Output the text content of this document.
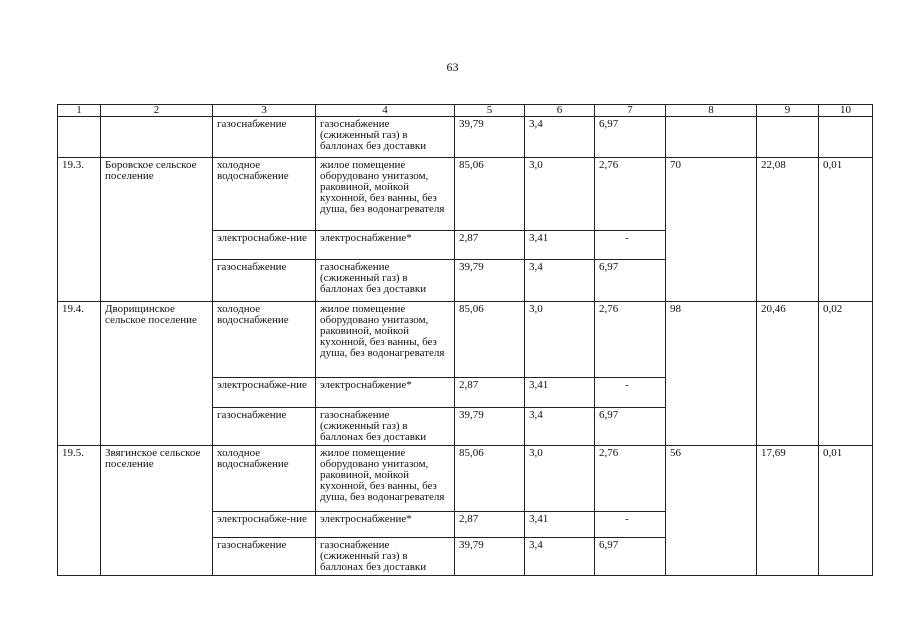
63
1	2	3	4	5	6	7	8	9	10
		газоснабжение	газоснабжение (сжиженный газ) в баллонах без доставки	39,79	3,4	6,97			
19.3.	Боровское сельское поселение	холодное водоснабжение	жилое помещение оборудовано унитазом, раковиной, мойкой кухонной, без ванны, без душа, без водонагревателя	85,06	3,0	2,76	70	22,08	0,01
		электроснабже-ние	электроснабжение*	2,87	3,41	-			

		газоснабжение	газоснабжение (сжиженный газ) в баллонах без доставки	39,79	3,4	6,97			
19.4.	Дворищинское сельское поселение	холодное водоснабжение	жилое помещение оборудовано унитазом, раковиной, мойкой кухонной, без ванны, без душа, без водонагревателя	85,06	3,0	2,76	98	20,46	0,02
		электроснабже-ние	электроснабжение*	2,87	3,41	-			

		газоснабжение	газоснабжение (сжиженный газ) в баллонах без доставки	39,79	3,4	6,97			
19.5.	Звягинское сельское поселение	холодное водоснабжение	жилое помещение оборудовано унитазом, раковиной, мойкой кухонной, без ванны, без душа, без водонагревателя	85,06	3,0	2,76	56	17,69	0,01
		электроснабже-ние	электроснабжение*	2,87	3,41	-			

		газоснабжение	газоснабжение (сжиженный газ) в баллонах без доставки	39,79	3,4	6,97			
